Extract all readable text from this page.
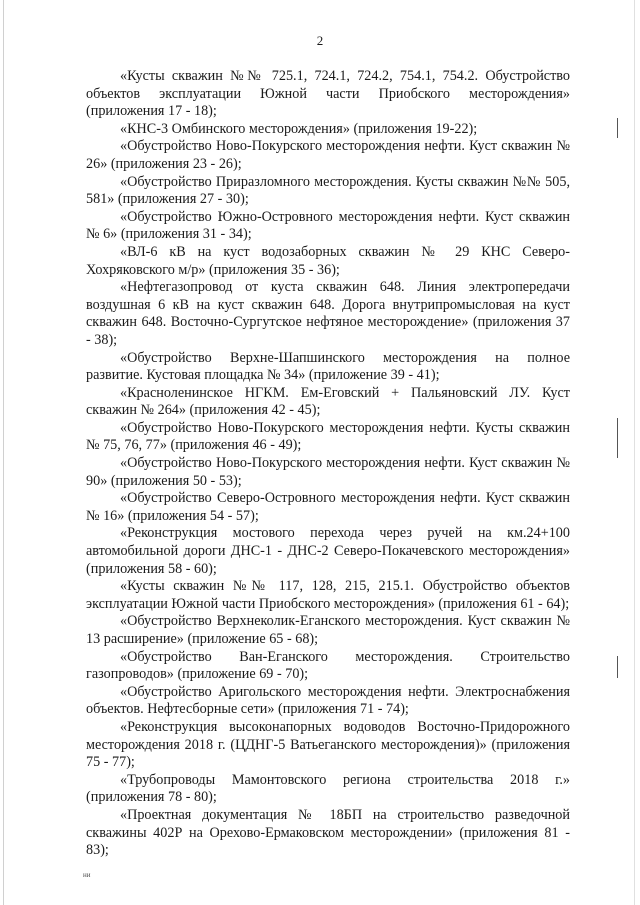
2

«Кусты скважин №№ 725.1, 724.1, 724.2, 754.1, 754.2. Обустройство объектов эксплуатации Южной части Приобского месторождения» (приложения 17 - 18);

«КНС-3 Омбинского месторождения» (приложения 19-22);

«Обустройство Ново-Покурского месторождения нефти. Куст скважин № 26» (приложения 23 - 26);

«Обустройство Приразломного месторождения. Кусты скважин №№ 505, 581» (приложения 27 - 30);

«Обустройство Южно-Островного месторождения нефти. Куст скважин № 6» (приложения 31 - 34);

«ВЛ-6 кВ на куст водозаборных скважин № 29 КНС Северо-Хохряковского м/р» (приложения 35 - 36);

«Нефтегазопровод от куста скважин 648. Линия электропередачи воздушная 6 кВ на куст скважин 648. Дорога внутрипромысловая на куст скважин 648. Восточно-Сургутское нефтяное месторождение» (приложения 37 - 38);

«Обустройство Верхне-Шапшинского месторождения на полное развитие. Кустовая площадка № 34» (приложение 39 - 41);

«Красноленинское НГКМ. Ем-Еговский + Пальяновский ЛУ. Куст скважин № 264» (приложения 42 - 45);

«Обустройство Ново-Покурского месторождения нефти. Кусты скважин № 75, 76, 77» (приложения 46 - 49);

«Обустройство Ново-Покурского месторождения нефти. Куст скважин № 90» (приложения 50 - 53);

«Обустройство Северо-Островного месторождения нефти. Куст скважин № 16» (приложения 54 - 57);

«Реконструкция мостового перехода через ручей на км.24+100 автомобильной дороги ДНС-1 - ДНС-2 Северо-Покачевского месторождения» (приложения 58 - 60);

«Кусты скважин №№ 117, 128, 215, 215.1. Обустройство объектов эксплуатации Южной части Приобского месторождения» (приложения 61 - 64);

«Обустройство Верхнеколик-Еганского месторождения. Куст скважин № 13 расширение» (приложение 65 - 68);

«Обустройство Ван-Еганского месторождения. Строительство газопроводов» (приложение 69 - 70);

«Обустройство Аригольского месторождения нефти. Электроснабжения объектов. Нефтесборные сети» (приложения 71 - 74);

«Реконструкция высоконапорных водоводов Восточно-Придорожного месторождения 2018 г. (ЦДНГ-5 Ватьеганского месторождения)» (приложения 75 - 77);

«Трубопроводы Мамонтовского региона строительства 2018 г.» (приложения 78 - 80);

«Проектная документация № 18БП на строительство разведочной скважины 402Р на Орехово-Ермаковском месторождении» (приложения 81 - 83);

ни
